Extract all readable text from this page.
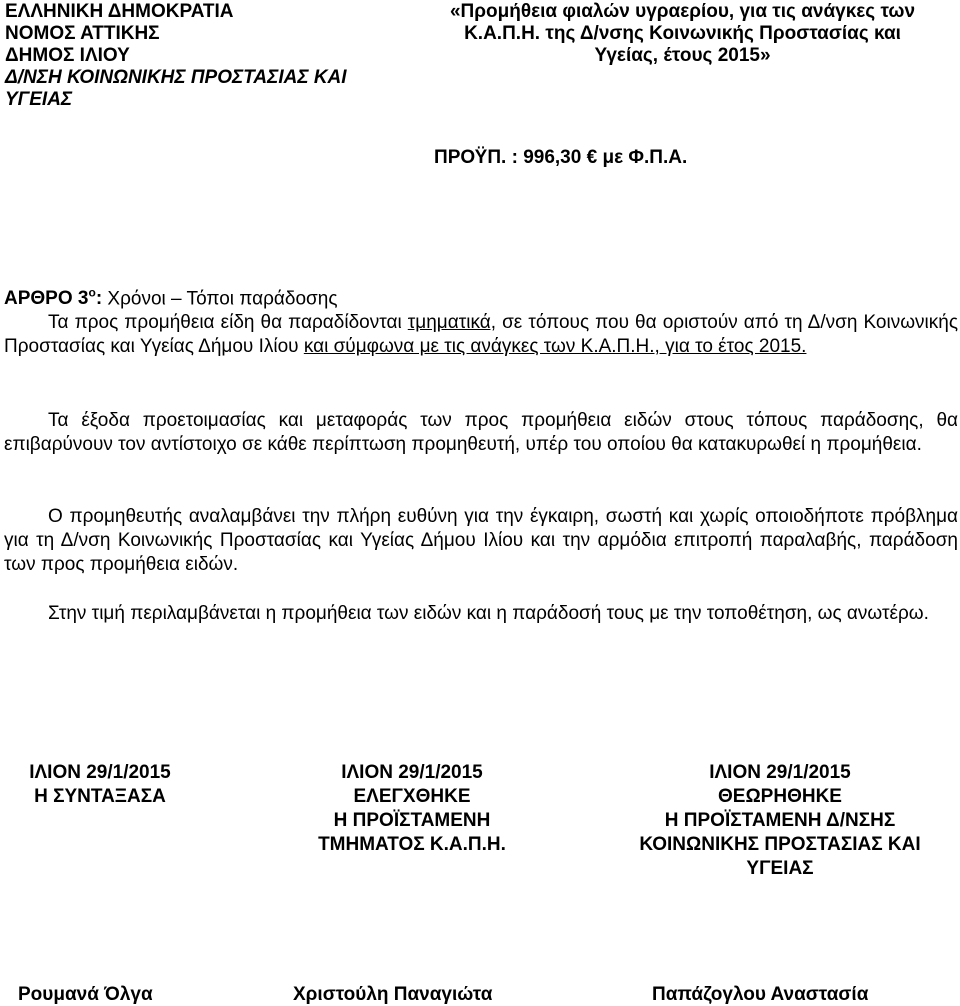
ΕΛΛΗΝΙΚΗ ΔΗΜΟΚΡΑΤΙΑ
ΝΟΜΟΣ ΑΤΤΙΚΗΣ
ΔΗΜΟΣ ΙΛΙΟΥ
Δ/ΝΣΗ ΚΟΙΝΩΝΙΚΗΣ ΠΡΟΣΤΑΣΙΑΣ ΚΑΙ
ΥΓΕΙΑΣ
«Προμήθεια φιαλών υγραερίου, για τις ανάγκες των
Κ.Α.Π.Η. της Δ/νσης Κοινωνικής Προστασίας και
Υγείας, έτους 2015»
ΠΡΟΫΠ. : 996,30 € με Φ.Π.Α.
ΑΡΘΡΟ $3^o$: Χρόνοι – Τόποι παράδοσης
Τα προς προμήθεια είδη θα παραδίδονται τμηματικά, σε τόπους που θα οριστούν από τη Δ/νση Κοινωνικής Προστασίας και Υγείας Δήμου Ιλίου και σύμφωνα με τις ανάγκες των Κ.Α.Π.Η., για το έτος 2015.
Τα έξοδα προετοιμασίας και μεταφοράς των προς προμήθεια ειδών στους τόπους παράδοσης, θα επιβαρύνουν τον αντίστοιχο σε κάθε περίπτωση προμηθευτή, υπέρ του οποίου θα κατακυρωθεί η προμήθεια.
Ο προμηθευτής αναλαμβάνει την πλήρη ευθύνη για την έγκαιρη, σωστή και χωρίς οποιοδήποτε πρόβλημα για τη Δ/νση Κοινωνικής Προστασίας και Υγείας Δήμου Ιλίου και την αρμόδια επιτροπή παραλαβής, παράδοση των προς προμήθεια ειδών.
Στην τιμή περιλαμβάνεται η προμήθεια των ειδών και η παράδοσή τους με την τοποθέτηση, ως ανωτέρω.
ΙΛΙΟΝ 29/1/2015
Η ΣΥΝΤΑΞΑΣΑ
ΙΛΙΟΝ 29/1/2015
ΕΛΕΓΧΘΗΚΕ
Η ΠΡΟΪΣΤΑΜΕΝΗ
ΤΜΗΜΑΤΟΣ Κ.Α.Π.Η.
ΙΛΙΟΝ 29/1/2015
ΘΕΩΡΗΘΗΚΕ
Η ΠΡΟΪΣΤΑΜΕΝΗ Δ/ΝΣΗΣ
ΚΟΙΝΩΝΙΚΗΣ ΠΡΟΣΤΑΣΙΑΣ ΚΑΙ
ΥΓΕΙΑΣ
Ρουμανά Όλγα	Χριστούλη Παναγιώτα	Παπάζογλου Αναστασία
